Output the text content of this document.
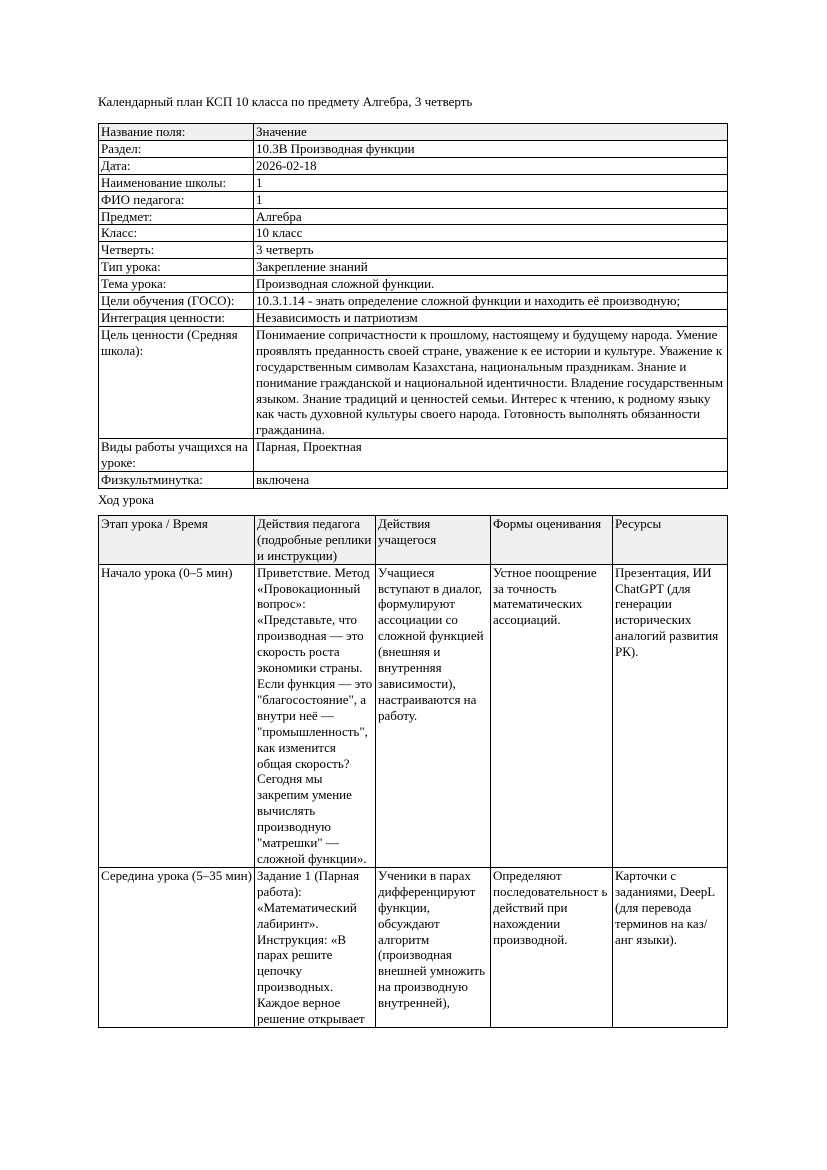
Календарный план КСП 10 класса по предмету Алгебра, 3 четверть
Название поля:	Значение
Раздел:	10.3B Производная функции
Дата:	2026-02-18
Наименование школы:	1
ФИО педагога:	1
Предмет:	Алгебра
Класс:	10 класс
Четверть:	3 четверть
Тип урока:	Закрепление знаний
Тема урока:	Производная сложной функции.
Цели обучения (ГОСО):	10.3.1.14 - знать определение сложной функции и находить её производную;
Интеграция ценности:	Независимость и патриотизм
Цель ценности (Средняя школа):	Понимаение сопричастности к прошлому, настоящему и будущему народа. Умение проявлять преданность своей стране, уважение к ее истории и культуре. Уважение к государственным символам Казахстана, национальным праздникам. Знание и понимание гражданской и национальной идентичности. Владение государственным языком. Знание традиций и ценностей семьи. Интерес к чтению, к родному языку как часть духовной культуры своего народа. Готовность выполнять обязанности гражданина.
Виды работы учащихся на уроке:	Парная, Проектная
Физкультминутка:	включена
Ход урока
Этап урока / Время	Действия педагога (подробные реплики и инструкции)	Действия учащегося	Формы оценивания	Ресурсы
Начало урока (0–5 мин)	Приветствие. Метод «Провокационный вопрос»: «Представьте, что производная — это скорость роста экономики страны. Если функция — это "благосостояние", а внутри неё — "промышленность", как изменится общая скорость? Сегодня мы закрепим умение вычислять производную "матрешки" — сложной функции».	Учащиеся вступают в диалог, формулируют ассоциации со сложной функцией (внешняя и внутренняя зависимости), настраиваются на работу.	Устное поощрение за точность математических ассоциаций.	Презентация, ИИ ChatGPT (для генерации исторических аналогий развития РК).
Середина урока (5–35 мин)	Задание 1 (Парная работа): «Математический лабиринт». Инструкция: «В парах решите цепочку производных. Каждое верное решение открывает	Ученики в парах дифференцируют функции, обсуждают алгоритм (производная внешней умножить на производную внутренней),	Определяют последовательност ь действий при нахождении производной.	Карточки с заданиями, DeepL (для перевода терминов на каз/анг языки).
